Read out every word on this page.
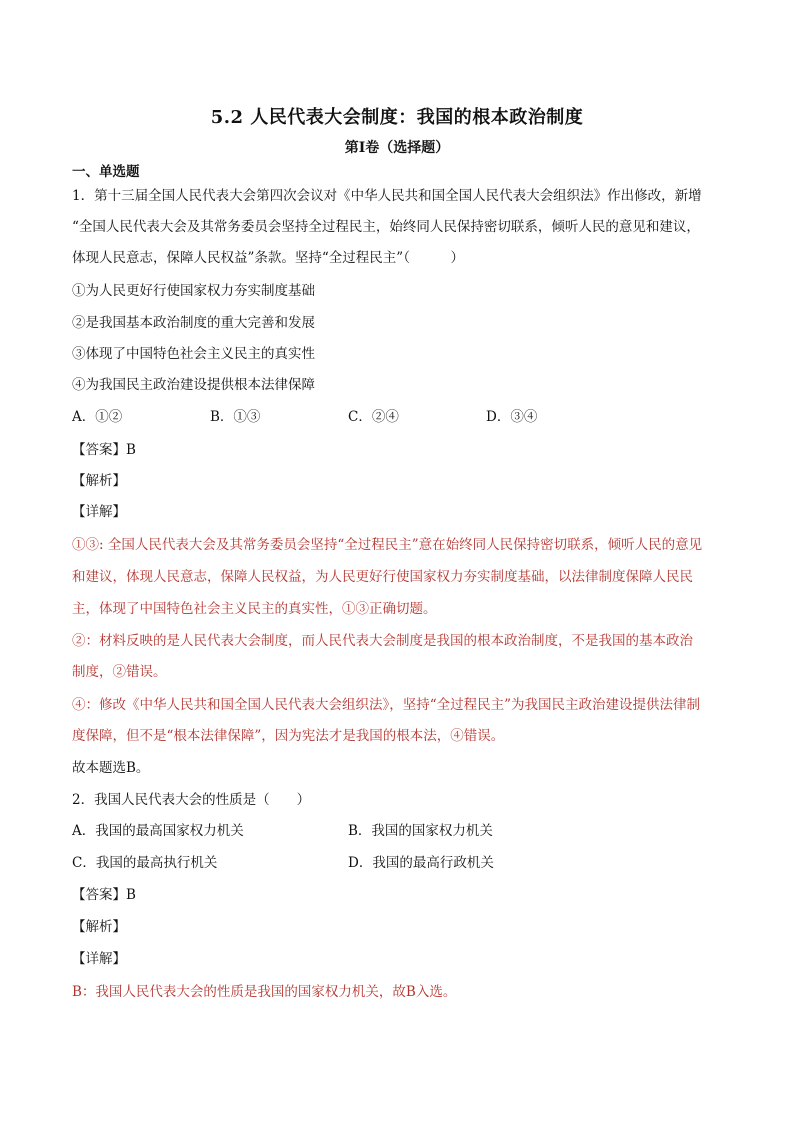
5.2 人民代表大会制度：我国的根本政治制度
第I卷（选择题）
一、单选题
1．第十三届全国人民代表大会第四次会议对《中华人民共和国全国人民代表大会组织法》作出修改，新增
“全国人民代表大会及其常务委员会坚持全过程民主，始终同人民保持密切联系，倾听人民的意见和建议，
体现人民意志，保障人民权益”条款。坚持“全过程民主”（　　　）
①为人民更好行使国家权力夯实制度基础
②是我国基本政治制度的重大完善和发展
③体现了中国特色社会主义民主的真实性
④为我国民主政治建设提供根本法律保障
A．①②	B．①③	C．②④	D．③④
【答案】B
【解析】
【详解】
①③: 全国人民代表大会及其常务委员会坚持“全过程民主”意在始终同人民保持密切联系，倾听人民的意见
和建议，体现人民意志，保障人民权益，为人民更好行使国家权力夯实制度基础，以法律制度保障人民民
主，体现了中国特色社会主义民主的真实性，①③正确切题。
②：材料反映的是人民代表大会制度，而人民代表大会制度是我国的根本政治制度，不是我国的基本政治
制度，②错误。
④：修改《中华人民共和国全国人民代表大会组织法》，坚持“全过程民主”为我国民主政治建设提供法律制
度保障，但不是“根本法律保障”，因为宪法才是我国的根本法，④错误。
故本题选B。
2．我国人民代表大会的性质是（　　）
A．我国的最高国家权力机关	B．我国的国家权力机关
C．我国的最高执行机关	D．我国的最高行政机关
【答案】B
【解析】
【详解】
B：我国人民代表大会的性质是我国的国家权力机关，故B入选。
